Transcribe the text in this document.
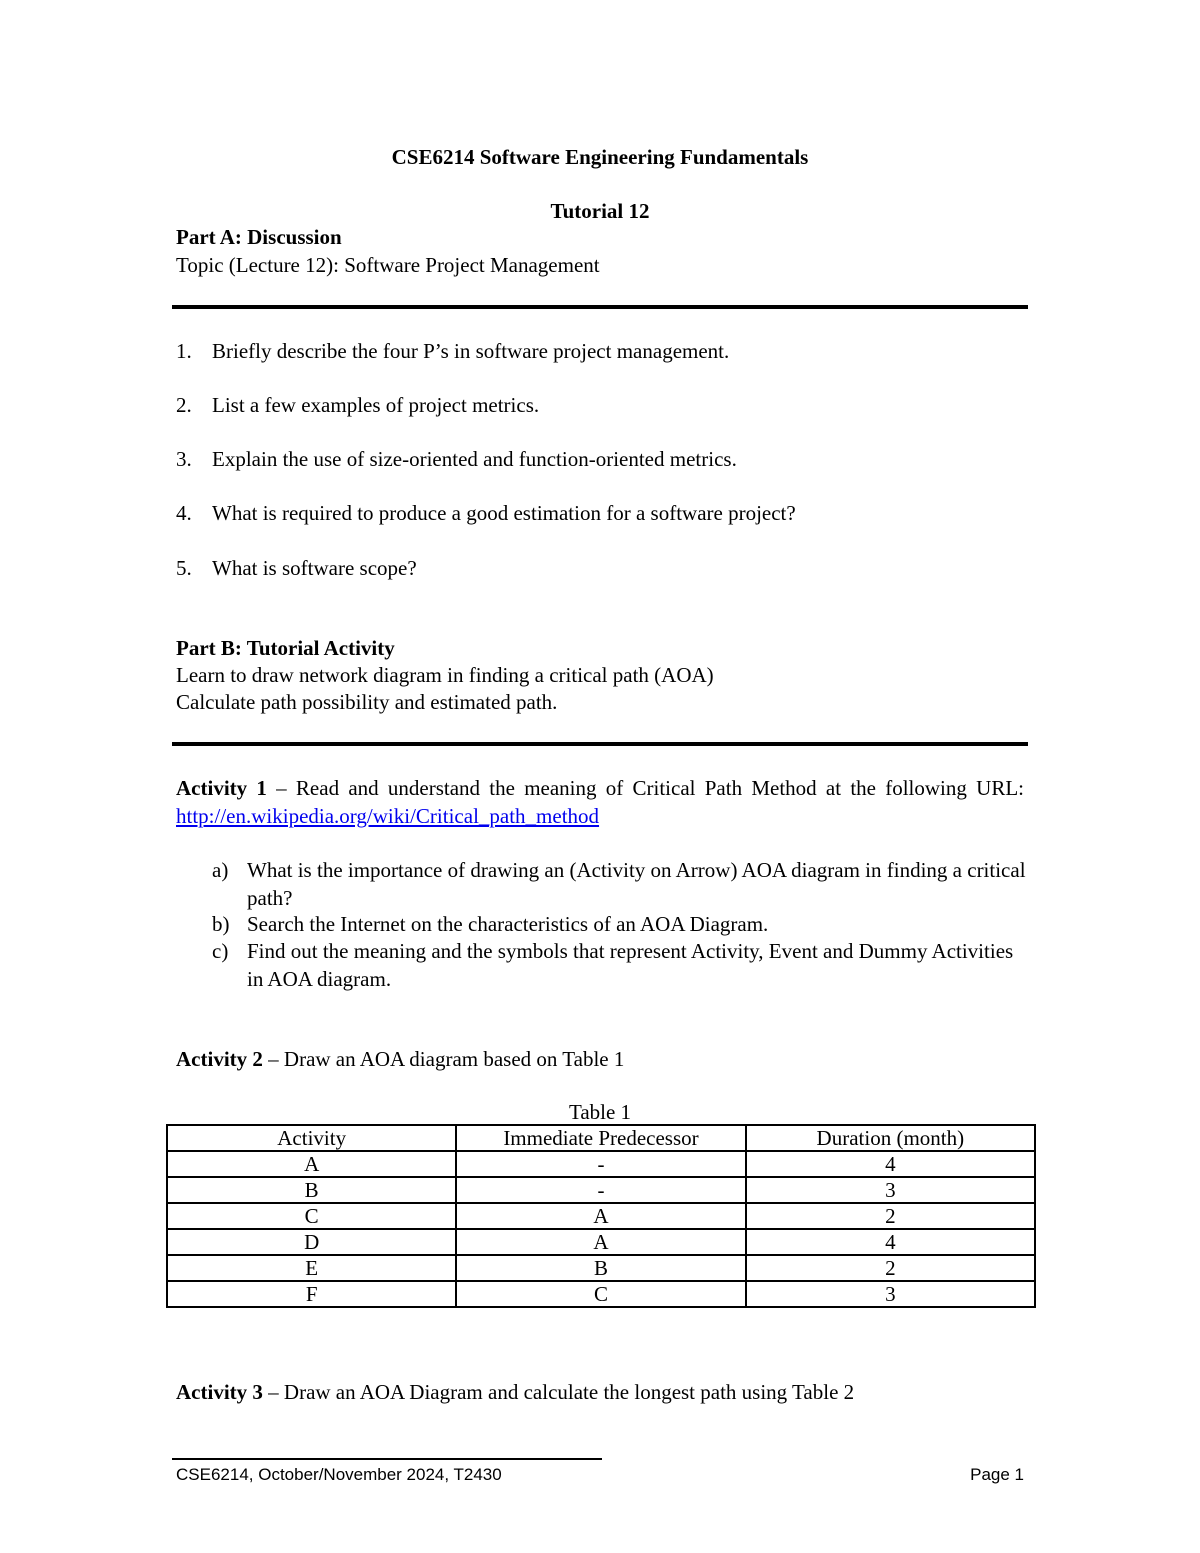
CSE6214 Software Engineering Fundamentals
Tutorial 12
Part A: Discussion
Topic (Lecture 12): Software Project Management
1. Briefly describe the four P’s in software project management.
2. List a few examples of project metrics.
3. Explain the use of size-oriented and function-oriented metrics.
4. What is required to produce a good estimation for a software project?
5. What is software scope?
Part B: Tutorial Activity
Learn to draw network diagram in finding a critical path (AOA)
Calculate path possibility and estimated path.
Activity 1 – Read and understand the meaning of Critical Path Method at the following URL: http://en.wikipedia.org/wiki/Critical_path_method
a) What is the importance of drawing an (Activity on Arrow) AOA diagram in finding a critical path?
b) Search the Internet on the characteristics of an AOA Diagram.
c) Find out the meaning and the symbols that represent Activity, Event and Dummy Activities in AOA diagram.
Activity 2 – Draw an AOA diagram based on Table 1
Table 1
Activity	Immediate Predecessor	Duration (month)
A	-	4
B	-	3
C	A	2
D	A	4
E	B	2
F	C	3
Activity 3 – Draw an AOA Diagram and calculate the longest path using Table 2
CSE6214, October/November 2024, T2430	Page 1
